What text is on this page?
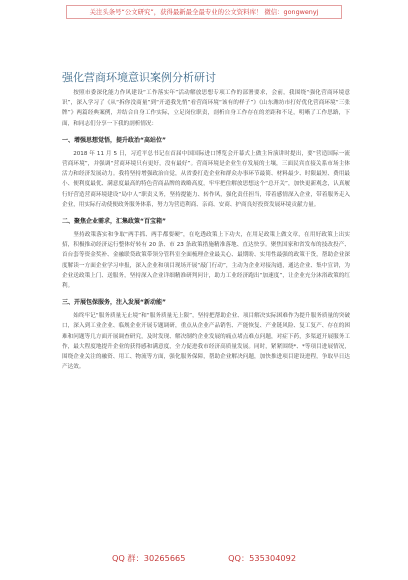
关注头条号“公文研究”，获得最新最全最专业的公文资料库！ 微信：gongwenyj
强化营商环境意识案例分析研讨

按照市委深化能力作风建设“工作落实年”活动解放思想专项工作的部署要求，会前，我围绕“强化营商环境意识”，深入学习了《从“拆你没商量”到“开道我先悄”看营商环境“该有的样子”》《山东潍坊市打好优化营商环境“三张牌”》两篇经典案例，并结合自身工作实际，立足岗位职责，剖析自身工作存在的差距和不足，明晰了工作思路，下面，和同志们分享一下我的剖析情况：

一、增强思想觉悟，提升政治“高站位”

2018 年 11 月 5 日，习近平总书记在首届中国国际进口博览会开幕式上做主旨演讲时提出，要“营造国际一流营商环境”，并强调“营商环境只有更好，没有最好”。营商环境是企业生存发展的土壤，三面民宾直接关系市场主体活力和经济发展动力。我将坚持增强政治自觉，从省委打造企业和群众办事环节最简、材料最少、时限最短、费用最小、便利度最优、满意度最高的特色营商品牌的战略高度，牢牢把住解放思想这个“总开关”，加快更新观念，认真履行好营造营商环境建设“局中人”职责义务，坚持提能力、转作风，强化责任担当，带着感情深入企业，带着服务走入企业，用实际行动使便政务服务体系，努力为营造利商、亲商、安商、护商良好投资发展环境贡献力量。

二、聚焦企业需求，汇集政策“百宝箱”

坚持政策落实和争取“两手抓、两手都要硬”，在吃透政策上下功夫，在用足政策上做文章，在用好政策上出实招，积极推动经济运行整体好转有 20 条、市 23 条政策措施精准落地、直达快享。聚焦国家和省发布的技改投产、首台套等资金奖补、金融联贷政策带领分管科室全面梳理企业最关心、最期盼、实用性最强的政策干货，帮助企业深度解读一方面企业学习申报，深入企业和项目现场开展“敲门行动”，主动为企业对接沟通，通达企业、集中宣讲，为企业送政策上门、送服务，坚持深入企业详细精准研判问计，助力工业经济跑出“加速度”，让企业充分沐浴政策的红利。

三、开展包保服务，注入发展“新动能”

始终牢记“服务质量无止境”和“服务质量无上限”，坚持把帮助企业、项目解决实际困难作为提升服务质量的突破口，深入到工业企业、临规企业开展专题调研，重点从企业产品销售、产能恢复、产业链风险、复工复产、存在的困难和问题等几方面开展调查研究，及时发现、解决制约企业发展的痛点堵点难点问题，对症下药，多渠道开展服务工作，最大程度地提升企业的获得感和满意度，全力促进我市经济高质量发展。同时，紧紧围绕*、*等项目进展情况，围绕企业关注的融资、用工、物流等方面，强化服务保障，帮助企业解决问题，加快推进项目建设进程，争取早日达产达效。

QQ 群：30265665	QQ：535304092
